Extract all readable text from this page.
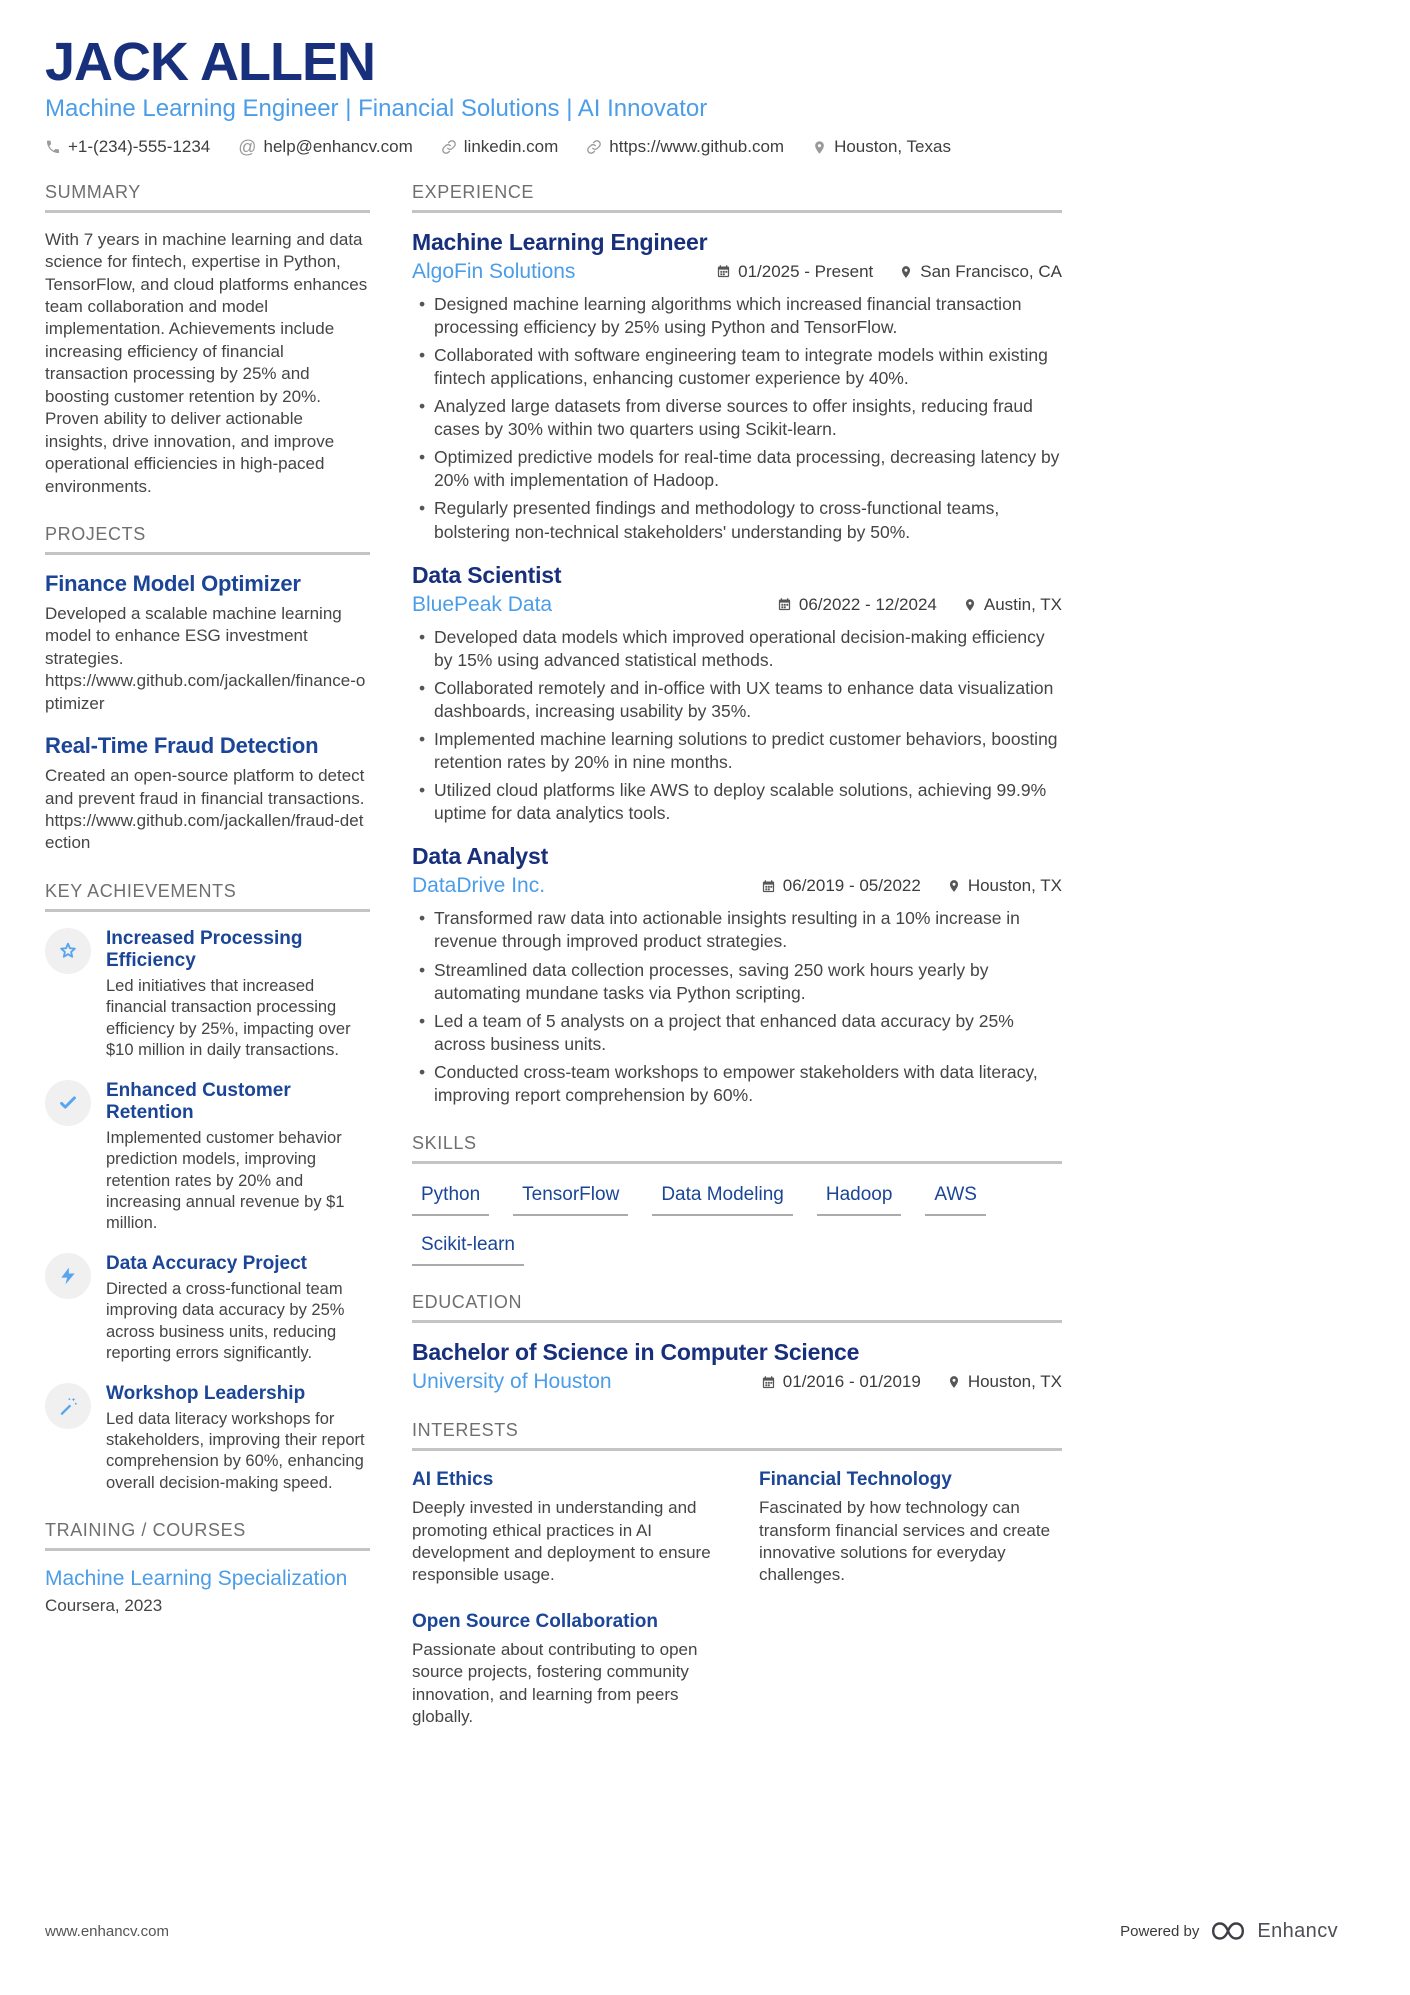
JACK ALLEN
Machine Learning Engineer | Financial Solutions | AI Innovator
+1-(234)-555-1234 @ help@enhancv.com	linkedin.com	https://www.github.com	Houston, Texas
SUMMARY

With 7 years in machine learning and data science for fintech, expertise in Python, TensorFlow, and cloud platforms enhances team collaboration and model implementation. Achievements include increasing efficiency of financial transaction processing by 25% and boosting customer retention by 20%. Proven ability to deliver actionable insights, drive innovation, and improve operational efficiencies in high-paced environments.

PROJECTS
Finance Model Optimizer

Developed a scalable machine learning model to enhance ESG investment strategies.

https://www.github.com/jackallen/finance-optimizer
Real-Time Fraud Detection

Created an open-source platform to detect and prevent fraud in financial transactions.

https://www.github.com/jackallen/fraud-detection
KEY ACHIEVEMENTS
Increased Processing Efficiency
Led initiatives that increased financial transaction processing efficiency by 25%, impacting over $10 million in daily transactions.
Enhanced Customer Retention
Implemented customer behavior prediction models, improving retention rates by 20% and increasing annual revenue by $1 million.
Data Accuracy Project
Directed a cross-functional team improving data accuracy by 25% across business units, reducing reporting errors significantly.
Workshop Leadership
Led data literacy workshops for stakeholders, improving their report comprehension by 60%, enhancing overall decision-making speed.
TRAINING / COURSES
Machine Learning Specialization
Coursera, 2023
EXPERIENCE
Machine Learning Engineer
AlgoFin Solutions	01/2025 - Present	San Francisco, CA
• Designed machine learning algorithms which increased financial transaction processing efficiency by 25% using Python and TensorFlow.
• Collaborated with software engineering team to integrate models within existing fintech applications, enhancing customer experience by 40%.
• Analyzed large datasets from diverse sources to offer insights, reducing fraud cases by 30% within two quarters using Scikit-learn.
• Optimized predictive models for real-time data processing, decreasing latency by 20% with implementation of Hadoop.
• Regularly presented findings and methodology to cross-functional teams, bolstering non-technical stakeholders' understanding by 50%.
Data Scientist
BluePeak Data	06/2022 - 12/2024	Austin, TX
• Developed data models which improved operational decision-making efficiency by 15% using advanced statistical methods.
• Collaborated remotely and in-office with UX teams to enhance data visualization dashboards, increasing usability by 35%.
• Implemented machine learning solutions to predict customer behaviors, boosting retention rates by 20% in nine months.
• Utilized cloud platforms like AWS to deploy scalable solutions, achieving 99.9% uptime for data analytics tools.
Data Analyst
DataDrive Inc.	06/2019 - 05/2022	Houston, TX
• Transformed raw data into actionable insights resulting in a 10% increase in revenue through improved product strategies.
• Streamlined data collection processes, saving 250 work hours yearly by automating mundane tasks via Python scripting.
• Led a team of 5 analysts on a project that enhanced data accuracy by 25% across business units.
• Conducted cross-team workshops to empower stakeholders with data literacy, improving report comprehension by 60%.
SKILLS
Python	TensorFlow	Data Modeling	Hadoop	AWS
Scikit-learn
EDUCATION
Bachelor of Science in Computer Science
University of Houston	01/2016 - 01/2019	Houston, TX
INTERESTS
AI Ethics
Deeply invested in understanding and promoting ethical practices in AI development and deployment to ensure responsible usage.
Financial Technology
Fascinated by how technology can transform financial services and create innovative solutions for everyday challenges.
Open Source Collaboration
Passionate about contributing to open source projects, fostering community innovation, and learning from peers globally.
www.enhancv.com	Powered by	Enhancv
